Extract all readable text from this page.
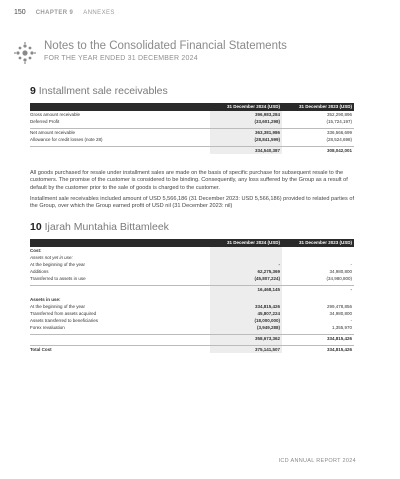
150 CHAPTER 9 ANNEXES
Notes to the Consolidated Financial Statements
FOR THE YEAR ENDED 31 DECEMBER 2024
9 Installment sale receivables
	31 December 2024 (USD)	31 December 2023 (USD)
Gross amount receivable	396,983,284	352,290,896
Deferred Profit	(33,601,298)	(15,724,197)

Net amount receivable	363,381,986	336,566,699
Allowance for credit losses (note 28)	(28,841,599)	(28,524,698)

	334,540,387	308,042,001

All goods purchased for resale under installment sales are made on the basis of specific purchase for subsequent resale to the customers. The promise of the customer is considered to be binding. Consequently, any loss suffered by the Group as a result of default by the customer prior to the sale of goods is charged to the customer.

Installment sale receivables included amount of USD 5,566,186 (31 December 2023: USD 5,566,186) provided to related parties of the Group, over which the Group earned profit of USD nil (31 December 2023: nil)

10 Ijarah Muntahia Bittamleek
	31 December 2024 (USD)	31 December 2023 (USD)
Cost:		
Assets not yet in use:		
At the beginning of the year	-	-
Additions	62,275,369	34,980,800
Transferred to assets in use	(45,807,224)	(34,980,800)

	16,468,145	-

Assets in use:		
At the beginning of the year	334,815,426	299,478,856
Transferred from assets acquired	45,807,224	34,980,800
Assets transferred to beneficiaries	(18,000,000)	-
Forex revaluation	(3,949,288)	1,355,970

	358,673,362	334,815,426

Total Cost	375,141,507	334,815,426
ICD ANNUAL REPORT 2024
